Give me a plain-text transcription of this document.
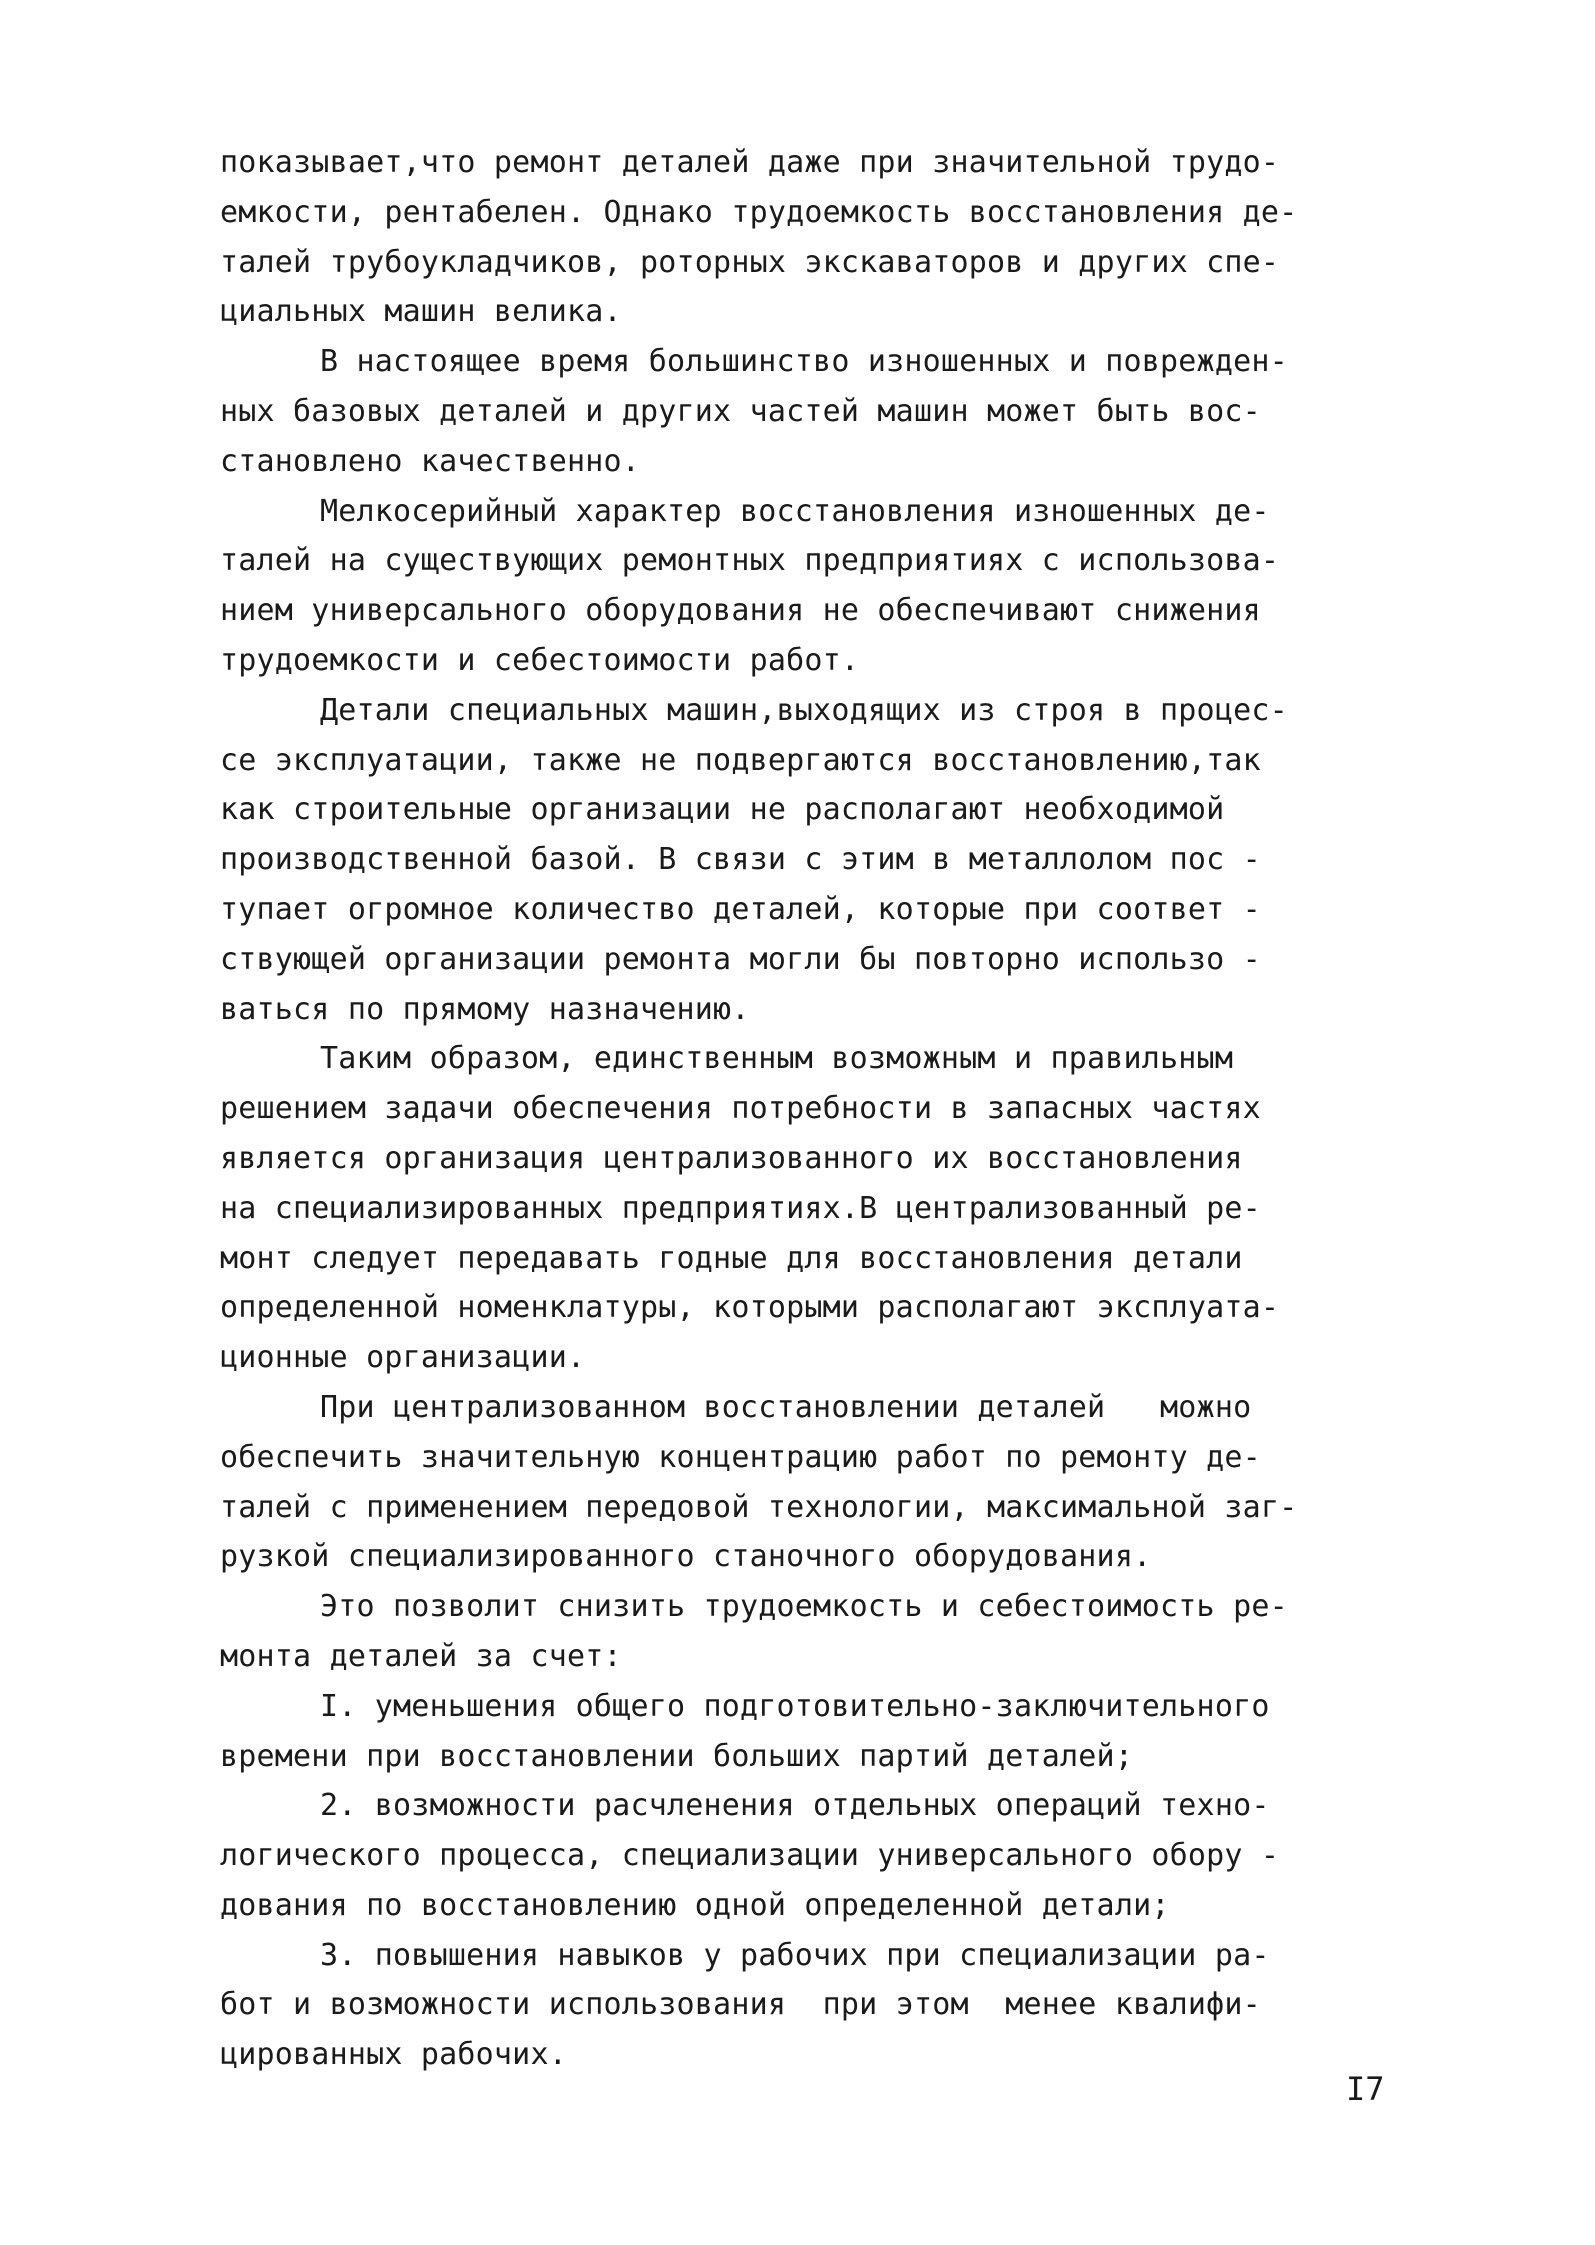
показывает,что ремонт деталей даже при значительной трудо-
емкости, рентабелен. Однако трудоемкость восстановления де-
талей трубоукладчиков, роторных экскаваторов и других спе-
циальных машин велика.
В настоящее время большинство изношенных и поврежден-
ных базовых деталей и других частей машин может быть вос-
становлено качественно.
Мелкосерийный характер восстановления изношенных де-
талей на существующих ремонтных предприятиях с использова-
нием универсального оборудования не обеспечивают снижения
трудоемкости и себестоимости работ.
Детали специальных машин,выходящих из строя в процес-
се эксплуатации, также не подвергаются восстановлению,так
как строительные организации не располагают необходимой
производственной базой. В связи с этим в металлолом пос -
тупает огромное количество деталей, которые при соответ -
ствующей организации ремонта могли бы повторно использо -
ваться по прямому назначению.
Таким образом, единственным возможным и правильным
решением задачи обеспечения потребности в запасных частях
является организация централизованного их восстановления
на специализированных предприятиях.В централизованный ре-
монт следует передавать годные для восстановления детали
определенной номенклатуры, которыми располагают эксплуата-
ционные организации.
При централизованном восстановлении деталей   можно
обеспечить значительную концентрацию работ по ремонту де-
талей с применением передовой технологии, максимальной заг-
рузкой специализированного станочного оборудования.
Это позволит снизить трудоемкость и себестоимость ре-
монта деталей за счет:
I. уменьшения общего подготовительно-заключительного
времени при восстановлении больших партий деталей;
2. возможности расчленения отдельных операций техно-
логического процесса, специализации универсального обору -
дования по восстановлению одной определенной детали;
3. повышения навыков у рабочих при специализации ра-
бот и возможности использования  при этом  менее квалифи-
цированных рабочих.
I7
